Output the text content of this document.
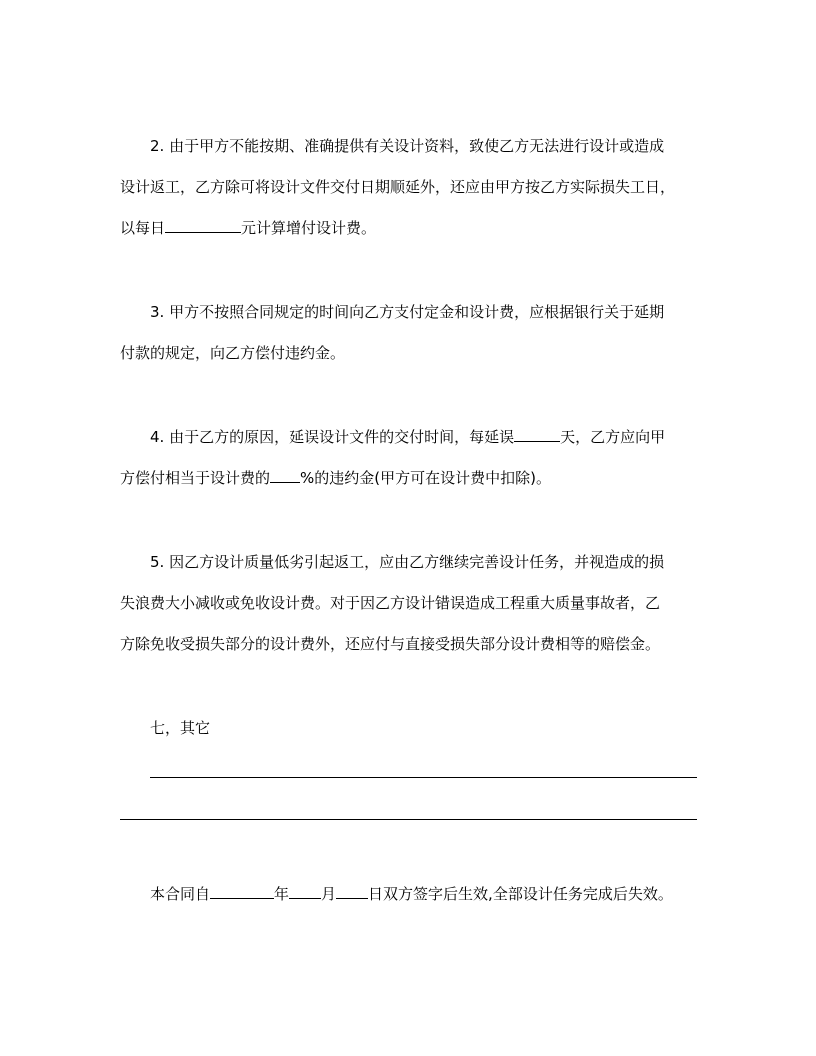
2. 由于甲方不能按期、准确提供有关设计资料，致使乙方无法进行设计或造成
设计返工，乙方除可将设计文件交付日期顺延外，还应由甲方按乙方实际损失工日，
以每日	元计算增付设计费。
3. 甲方不按照合同规定的时间向乙方支付定金和设计费，应根据银行关于延期
付款的规定，向乙方偿付违约金。
4. 由于乙方的原因，延误设计文件的交付时间，每延误	天，乙方应向甲
方偿付相当于设计费的 %的违约金(甲方可在设计费中扣除)。
5. 因乙方设计质量低劣引起返工，应由乙方继续完善设计任务，并视造成的损
失浪费大小减收或免收设计费。对于因乙方设计错误造成工程重大质量事故者，乙
方除免收受损失部分的设计费外，还应付与直接受损失部分设计费相等的赔偿金。
七，其它
本合同自	年 月 日双方签字后生效,全部设计任务完成后失效。
